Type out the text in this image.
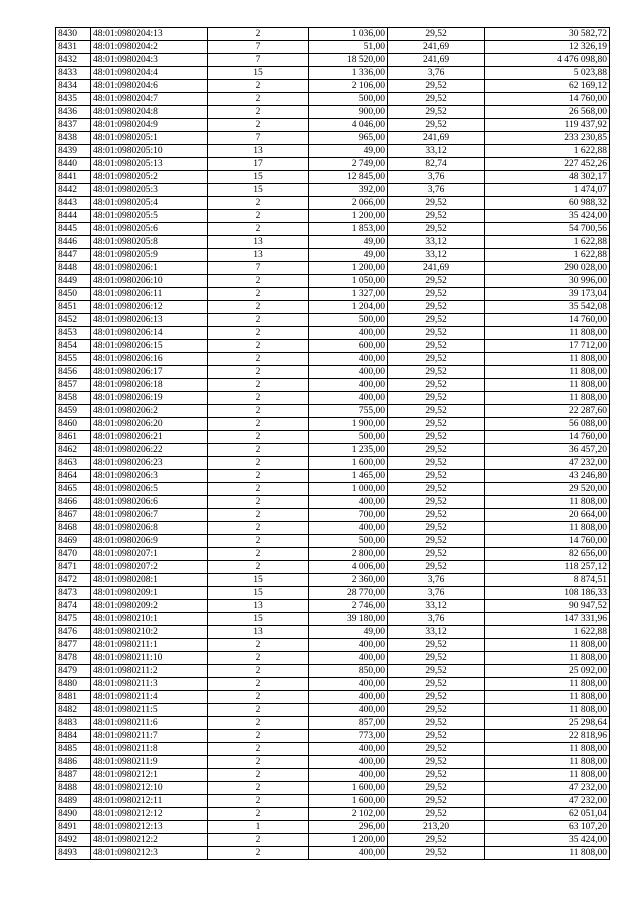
8430	48:01:0980204:13	2	1 036,00	29,52	30 582,72
8431	48:01:0980204:2	7	51,00	241,69	12 326,19
8432	48:01:0980204:3	7	18 520,00	241,69	4 476 098,80
8433	48:01:0980204:4	15	1 336,00	3,76	5 023,88
8434	48:01:0980204:6	2	2 106,00	29,52	62 169,12
8435	48:01:0980204:7	2	500,00	29,52	14 760,00
8436	48:01:0980204:8	2	900,00	29,52	26 568,00
8437	48:01:0980204:9	2	4 046,00	29,52	119 437,92
8438	48:01:0980205:1	7	965,00	241,69	233 230,85
8439	48:01:0980205:10	13	49,00	33,12	1 622,88
8440	48:01:0980205:13	17	2 749,00	82,74	227 452,26
8441	48:01:0980205:2	15	12 845,00	3,76	48 302,17
8442	48:01:0980205:3	15	392,00	3,76	1 474,07
8443	48:01:0980205:4	2	2 066,00	29,52	60 988,32
8444	48:01:0980205:5	2	1 200,00	29,52	35 424,00
8445	48:01:0980205:6	2	1 853,00	29,52	54 700,56
8446	48:01:0980205:8	13	49,00	33,12	1 622,88
8447	48:01:0980205:9	13	49,00	33,12	1 622,88
8448	48:01:0980206:1	7	1 200,00	241,69	290 028,00
8449	48:01:0980206:10	2	1 050,00	29,52	30 996,00
8450	48:01:0980206:11	2	1 327,00	29,52	39 173,04
8451	48:01:0980206:12	2	1 204,00	29,52	35 542,08
8452	48:01:0980206:13	2	500,00	29,52	14 760,00
8453	48:01:0980206:14	2	400,00	29,52	11 808,00
8454	48:01:0980206:15	2	600,00	29,52	17 712,00
8455	48:01:0980206:16	2	400,00	29,52	11 808,00
8456	48:01:0980206:17	2	400,00	29,52	11 808,00
8457	48:01:0980206:18	2	400,00	29,52	11 808,00
8458	48:01:0980206:19	2	400,00	29,52	11 808,00
8459	48:01:0980206:2	2	755,00	29,52	22 287,60
8460	48:01:0980206:20	2	1 900,00	29,52	56 088,00
8461	48:01:0980206:21	2	500,00	29,52	14 760,00
8462	48:01:0980206:22	2	1 235,00	29,52	36 457,20
8463	48:01:0980206:23	2	1 600,00	29,52	47 232,00
8464	48:01:0980206:3	2	1 465,00	29,52	43 246,80
8465	48:01:0980206:5	2	1 000,00	29,52	29 520,00
8466	48:01:0980206:6	2	400,00	29,52	11 808,00
8467	48:01:0980206:7	2	700,00	29,52	20 664,00
8468	48:01:0980206:8	2	400,00	29,52	11 808,00
8469	48:01:0980206:9	2	500,00	29,52	14 760,00
8470	48:01:0980207:1	2	2 800,00	29,52	82 656,00
8471	48:01:0980207:2	2	4 006,00	29,52	118 257,12
8472	48:01:0980208:1	15	2 360,00	3,76	8 874,51
8473	48:01:0980209:1	15	28 770,00	3,76	108 186,33
8474	48:01:0980209:2	13	2 746,00	33,12	90 947,52
8475	48:01:0980210:1	15	39 180,00	3,76	147 331,96
8476	48:01:0980210:2	13	49,00	33,12	1 622,88
8477	48:01:0980211:1	2	400,00	29,52	11 808,00
8478	48:01:0980211:10	2	400,00	29,52	11 808,00
8479	48:01:0980211:2	2	850,00	29,52	25 092,00
8480	48:01:0980211:3	2	400,00	29,52	11 808,00
8481	48:01:0980211:4	2	400,00	29,52	11 808,00
8482	48:01:0980211:5	2	400,00	29,52	11 808,00
8483	48:01:0980211:6	2	857,00	29,52	25 298,64
8484	48:01:0980211:7	2	773,00	29,52	22 818,96
8485	48:01:0980211:8	2	400,00	29,52	11 808,00
8486	48:01:0980211:9	2	400,00	29,52	11 808,00
8487	48:01:0980212:1	2	400,00	29,52	11 808,00
8488	48:01:0980212:10	2	1 600,00	29,52	47 232,00
8489	48:01:0980212:11	2	1 600,00	29,52	47 232,00
8490	48:01:0980212:12	2	2 102,00	29,52	62 051,04
8491	48:01:0980212:13	1	296,00	213,20	63 107,20
8492	48:01:0980212:2	2	1 200,00	29,52	35 424,00
8493	48:01:0980212:3	2	400,00	29,52	11 808,00
